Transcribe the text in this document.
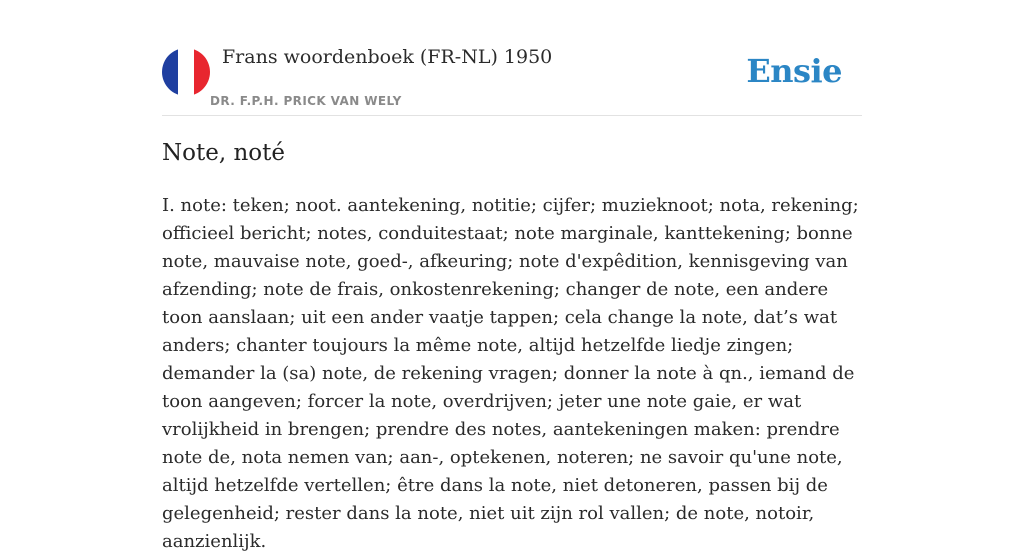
Frans woordenboek (FR-NL) 1950
DR. F.P.H. PRICK VAN WELY
Ensie
Note, noté

I. note: teken; noot. aantekening, notitie; cijfer; muzieknoot; nota, rekening; officieel bericht; notes, conduitestaat; note marginale, kanttekening; bonne note, mauvaise note, goed-, afkeuring; note d'expêdition, kennisgeving van afzending; note de frais, onkostenrekening; changer de note, een andere toon aanslaan; uit een ander vaatje tappen; cela change la note, dat’s wat anders; chanter toujours la même note, altijd hetzelfde liedje zingen; demander la (sa) note, de rekening vragen; donner la note à qn., iemand de toon aangeven; forcer la note, overdrijven; jeter une note gaie, er wat vrolijkheid in brengen; prendre des notes, aantekeningen maken: prendre note de, nota nemen van; aan-, optekenen, noteren; ne savoir qu'une note, altijd hetzelfde vertellen; être dans la note, niet detoneren, passen bij de gelegenheid; rester dans la note, niet uit zijn rol vallen; de note, notoir, aanzienlijk.
